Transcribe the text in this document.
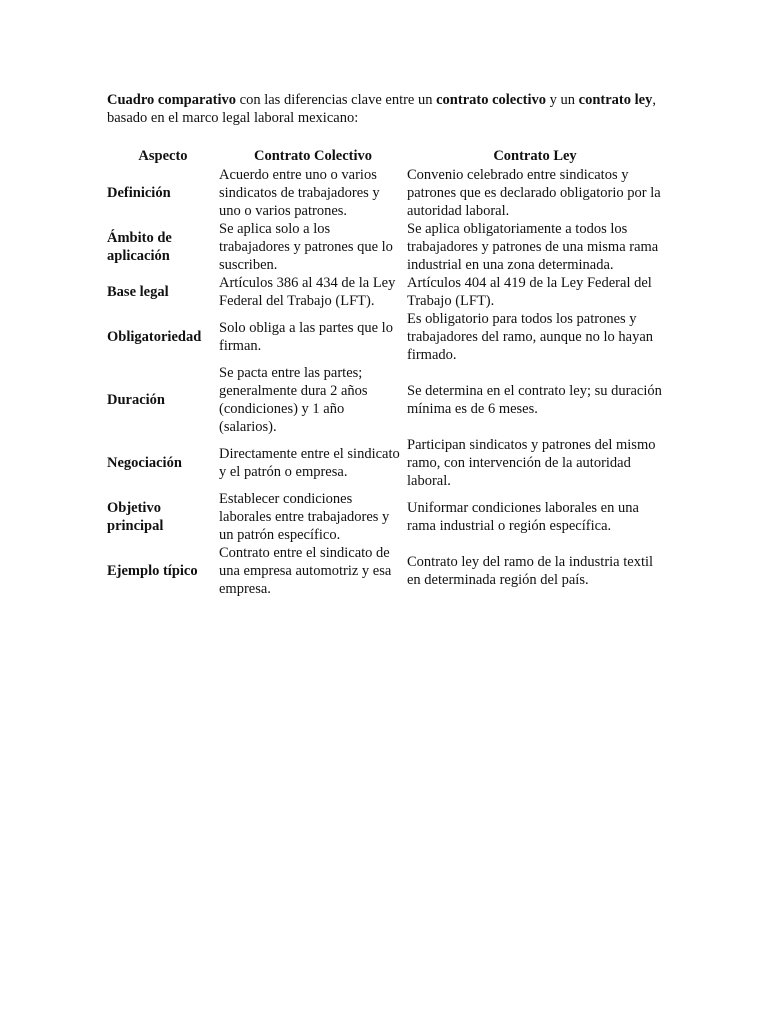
Cuadro comparativo con las diferencias clave entre un contrato colectivo y un contrato ley, basado en el marco legal laboral mexicano:

Aspecto	Contrato Colectivo	Contrato Ley
Definición	Acuerdo entre uno o varios sindicatos de trabajadores y uno o varios patrones.	Convenio celebrado entre sindicatos y patrones que es declarado obligatorio por la autoridad laboral.
Ámbito de aplicación	Se aplica solo a los trabajadores y patrones que lo suscriben.	Se aplica obligatoriamente a todos los trabajadores y patrones de una misma rama industrial en una zona determinada.
Base legal	Artículos 386 al 434 de la Ley Federal del Trabajo (LFT).	Artículos 404 al 419 de la Ley Federal del Trabajo (LFT).
Obligatoriedad	Solo obliga a las partes que lo firman.	Es obligatorio para todos los patrones y trabajadores del ramo, aunque no lo hayan firmado.
Duración	Se pacta entre las partes; generalmente dura 2 años (condiciones) y 1 año (salarios).	Se determina en el contrato ley; su duración mínima es de 6 meses.
Negociación	Directamente entre el sindicato y el patrón o empresa.	Participan sindicatos y patrones del mismo ramo, con intervención de la autoridad laboral.
Objetivo principal	Establecer condiciones laborales entre trabajadores y un patrón específico.	Uniformar condiciones laborales en una rama industrial o región específica.
Ejemplo típico	Contrato entre el sindicato de una empresa automotriz y esa empresa.	Contrato ley del ramo de la industria textil en determinada región del país.
